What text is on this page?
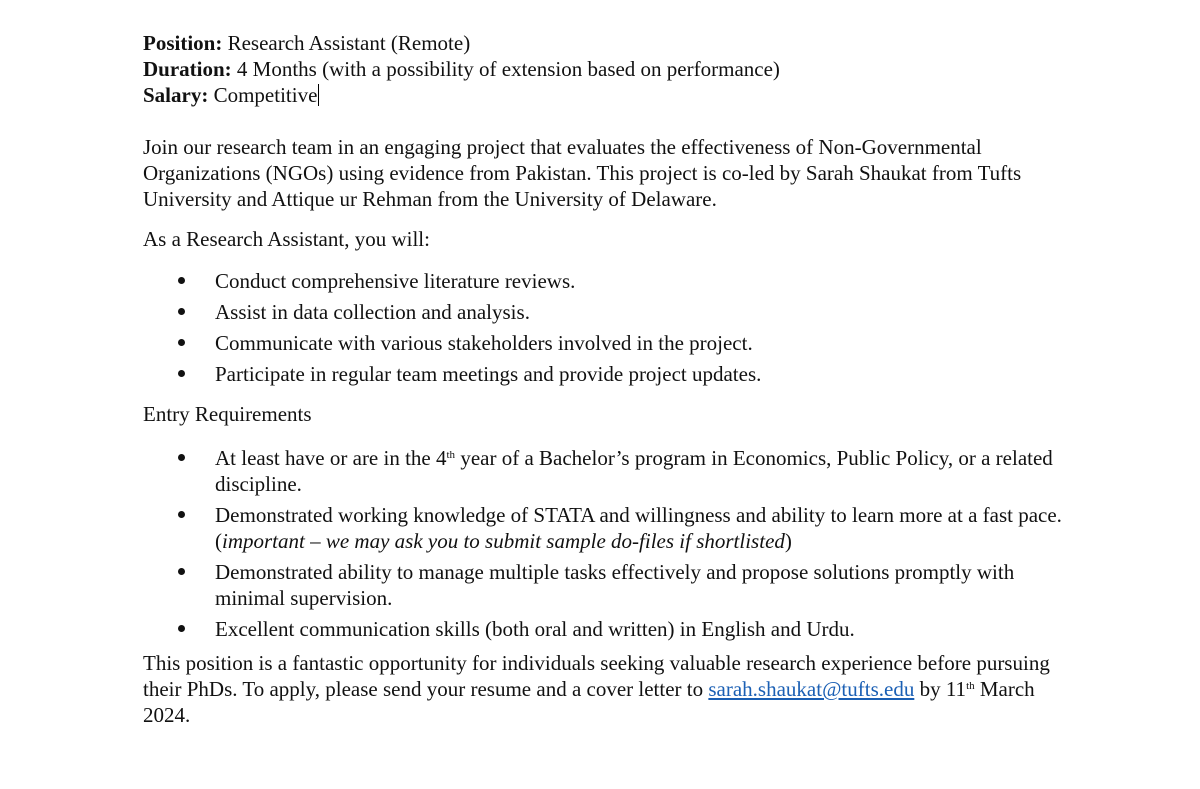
Position: Research Assistant (Remote)

Duration: 4 Months (with a possibility of extension based on performance)

Salary: Competitive

Join our research team in an engaging project that evaluates the effectiveness of Non-Governmental Organizations (NGOs) using evidence from Pakistan. This project is co-led by Sarah Shaukat from Tufts University and Attique ur Rehman from the University of Delaware.

As a Research Assistant, you will:

Conduct comprehensive literature reviews.
Assist in data collection and analysis.
Communicate with various stakeholders involved in the project.
Participate in regular team meetings and provide project updates.

Entry Requirements

At least have or are in the 4th year of a Bachelor’s program in Economics, Public Policy, or a related discipline.
Demonstrated working knowledge of STATA and willingness and ability to learn more at a fast pace. (important – we may ask you to submit sample do-files if shortlisted)
Demonstrated ability to manage multiple tasks effectively and propose solutions promptly with minimal supervision.
Excellent communication skills (both oral and written) in English and Urdu.

This position is a fantastic opportunity for individuals seeking valuable research experience before pursuing their PhDs. To apply, please send your resume and a cover letter to sarah.shaukat@tufts.edu by 11th March 2024.
